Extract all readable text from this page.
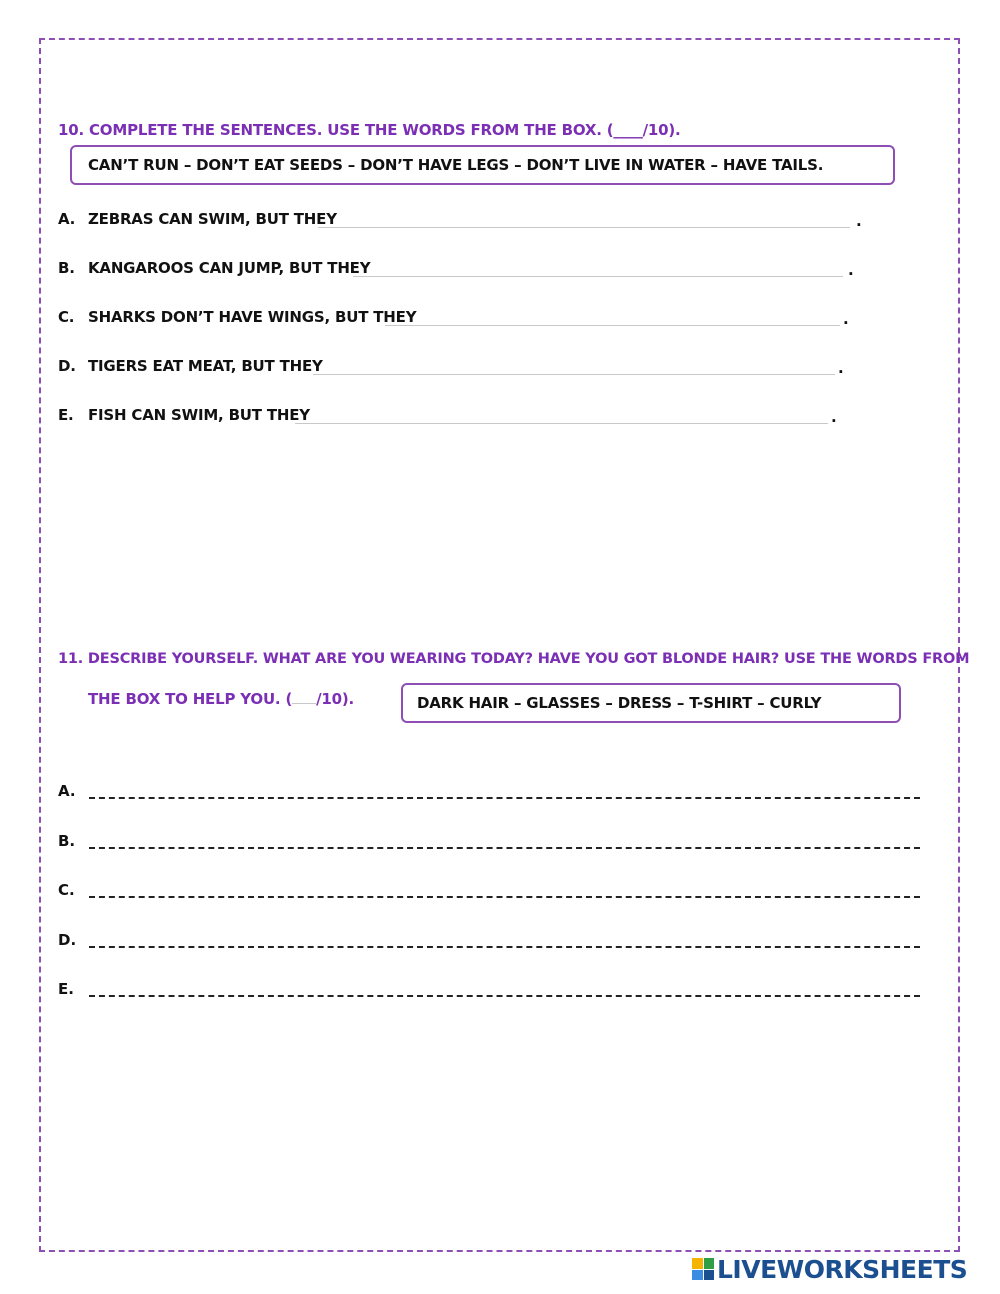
10. COMPLETE THE SENTENCES. USE THE WORDS FROM THE BOX. (____/10).
CAN’T RUN – DON’T EAT SEEDS – DON’T HAVE LEGS – DON’T LIVE IN WATER – HAVE TAILS.
A. ZEBRAS CAN SWIM, BUT THEY	.
B. KANGAROOS CAN JUMP, BUT THEY	.
C. SHARKS DON’T HAVE WINGS, BUT THEY	.
D. TIGERS EAT MEAT, BUT THEY	.
E. FISH CAN SWIM, BUT THEY	.
11. DESCRIBE YOURSELF. WHAT ARE YOU WEARING TODAY? HAVE YOU GOT BLONDE HAIR? USE THE WORDS FROM
THE BOX TO HELP YOU. ( /10).	DARK HAIR – GLASSES – DRESS – T-SHIRT – CURLY
A.
B.
C.
D.
E.
LIVEWORKSHEETS
